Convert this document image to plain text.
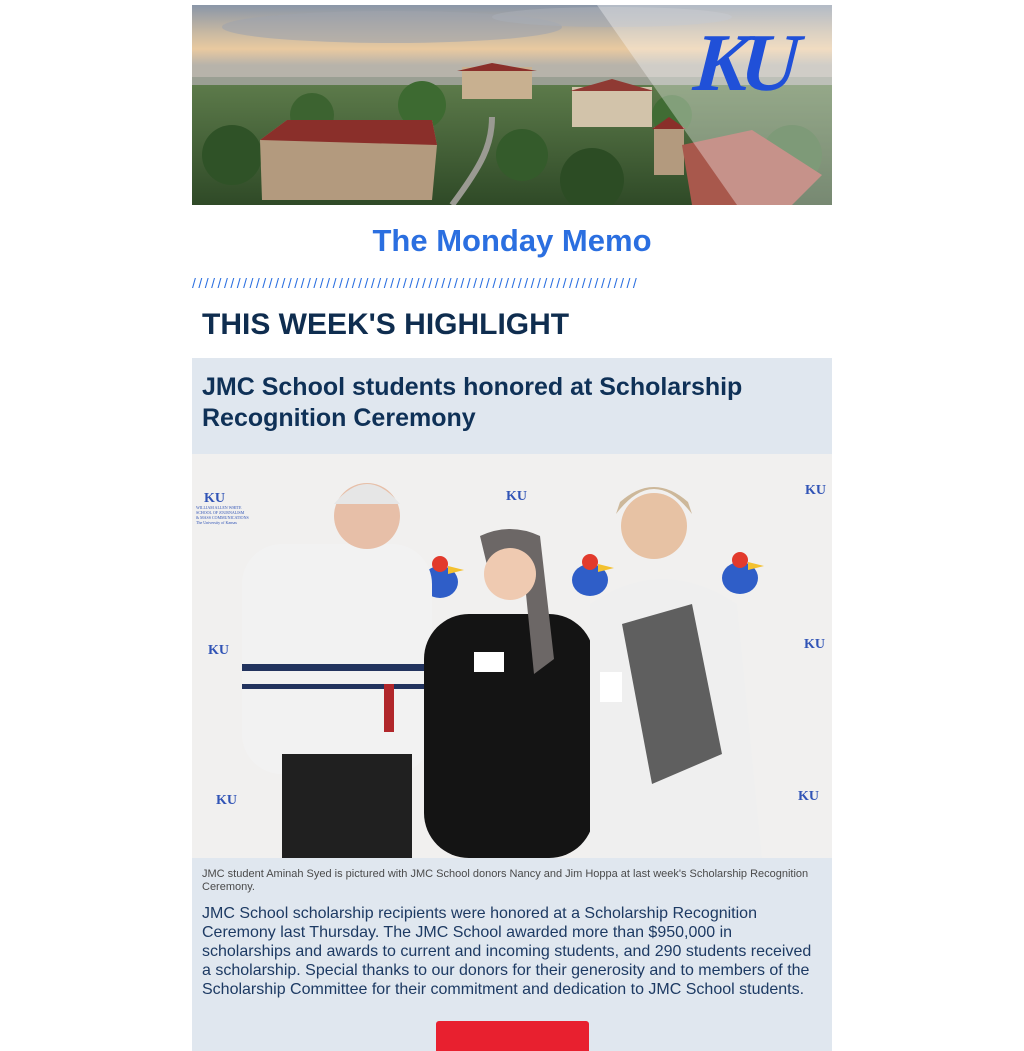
KU
The Monday Memo
//////////////////////////////////////////////////////////////////////
THIS WEEK'S HIGHLIGHT
JMC School students honored at Scholarship Recognition Ceremony
KU	KU	KU
KU	KU
KU	KU
WILLIAM ALLEN WHITE
SCHOOL OF JOURNALISM
& MASS COMMUNICATIONS
The University of Kansas
JMC student Aminah Syed is pictured with JMC School donors Nancy and Jim Hoppa at last week's Scholarship Recognition Ceremony.
JMC School scholarship recipients were honored at a Scholarship Recognition Ceremony last Thursday. The JMC School awarded more than $950,000 in scholarships and awards to current and incoming students, and 290 students received a scholarship. Special thanks to our donors for their generosity and to members of the Scholarship Committee for their commitment and dedication to JMC School students.
